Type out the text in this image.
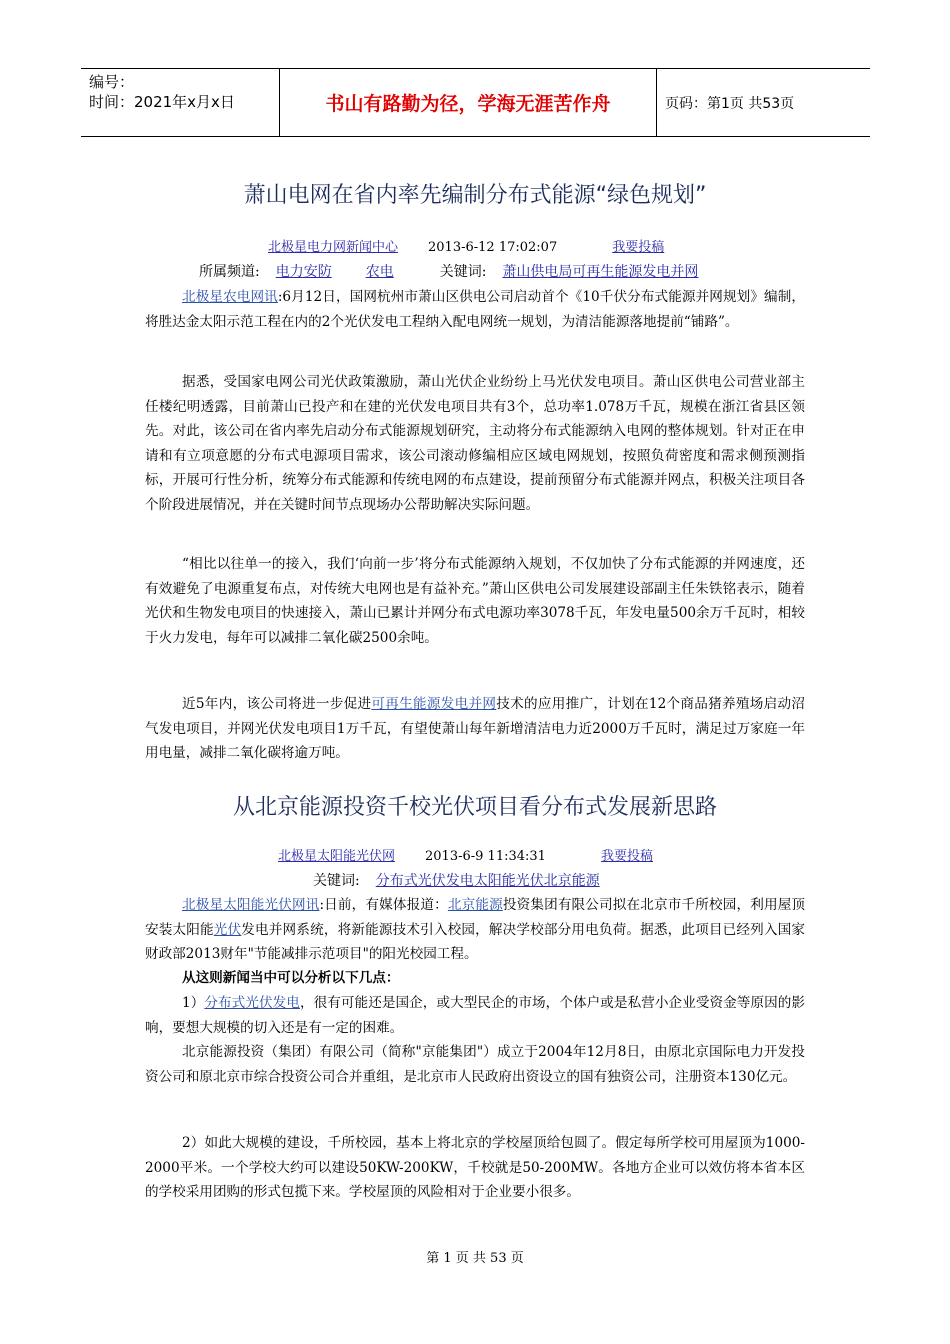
编号：
时间：2021年x月x日	书山有路勤为径，学海无涯苦作舟	页码：第1页 共53页
萧山电网在省内率先编制分布式能源“绿色规划”
北极星电力网新闻中心 2013-6-12 17:02:07	我要投稿
所属频道: 电力安防 农电	关键词: 萧山供电局可再生能源发电并网

北极星农电网讯:6月12日，国网杭州市萧山区供电公司启动首个《10千伏分布式能源并网规划》编制，将胜达金太阳示范工程在内的2个光伏发电工程纳入配电网统一规划，为清洁能源落地提前“铺路”。

据悉，受国家电网公司光伏政策激励，萧山光伏企业纷纷上马光伏发电项目。萧山区供电公司营业部主任楼纪明透露，目前萧山已投产和在建的光伏发电项目共有3个，总功率1.078万千瓦，规模在浙江省县区领先。对此，该公司在省内率先启动分布式能源规划研究，主动将分布式能源纳入电网的整体规划。针对正在申请和有立项意愿的分布式电源项目需求，该公司滚动修编相应区域电网规划，按照负荷密度和需求侧预测指标，开展可行性分析，统筹分布式能源和传统电网的布点建设，提前预留分布式能源并网点，积极关注项目各个阶段进展情况，并在关键时间节点现场办公帮助解决实际问题。

“相比以往单一的接入，我们‘向前一步’将分布式能源纳入规划，不仅加快了分布式能源的并网速度，还有效避免了电源重复布点，对传统大电网也是有益补充。”萧山区供电公司发展建设部副主任朱铁铭表示，随着光伏和生物发电项目的快速接入，萧山已累计并网分布式电源功率3078千瓦，年发电量500余万千瓦时，相较于火力发电，每年可以减排二氧化碳2500余吨。

近5年内，该公司将进一步促进可再生能源发电并网技术的应用推广，计划在12个商品猪养殖场启动沼气发电项目，并网光伏发电项目1万千瓦，有望使萧山每年新增清洁电力近2000万千瓦时，满足过万家庭一年用电量，减排二氧化碳将逾万吨。

从北京能源投资千校光伏项目看分布式发展新思路
北极星太阳能光伏网 2013-6-9 11:34:31	我要投稿
关键词: 分布式光伏发电太阳能光伏北京能源

北极星太阳能光伏网讯:日前，有媒体报道：北京能源投资集团有限公司拟在北京市千所校园，利用屋顶安装太阳能光伏发电并网系统，将新能源技术引入校园，解决学校部分用电负荷。据悉，此项目已经列入国家财政部2013财年"节能减排示范项目"的阳光校园工程。

从这则新闻当中可以分析以下几点：

1）分布式光伏发电，很有可能还是国企，或大型民企的市场，个体户或是私营小企业受资金等原因的影响，要想大规模的切入还是有一定的困难。

北京能源投资（集团）有限公司（简称"京能集团"）成立于2004年12月8日，由原北京国际电力开发投资公司和原北京市综合投资公司合并重组，是北京市人民政府出资设立的国有独资公司，注册资本130亿元。

2）如此大规模的建设，千所校园，基本上将北京的学校屋顶给包圆了。假定每所学校可用屋顶为1000-2000平米。一个学校大约可以建设50KW-200KW，千校就是50-200MW。各地方企业可以效仿将本省本区的学校采用团购的形式包揽下来。学校屋顶的风险相对于企业要小很多。

第 1 页 共 53 页
